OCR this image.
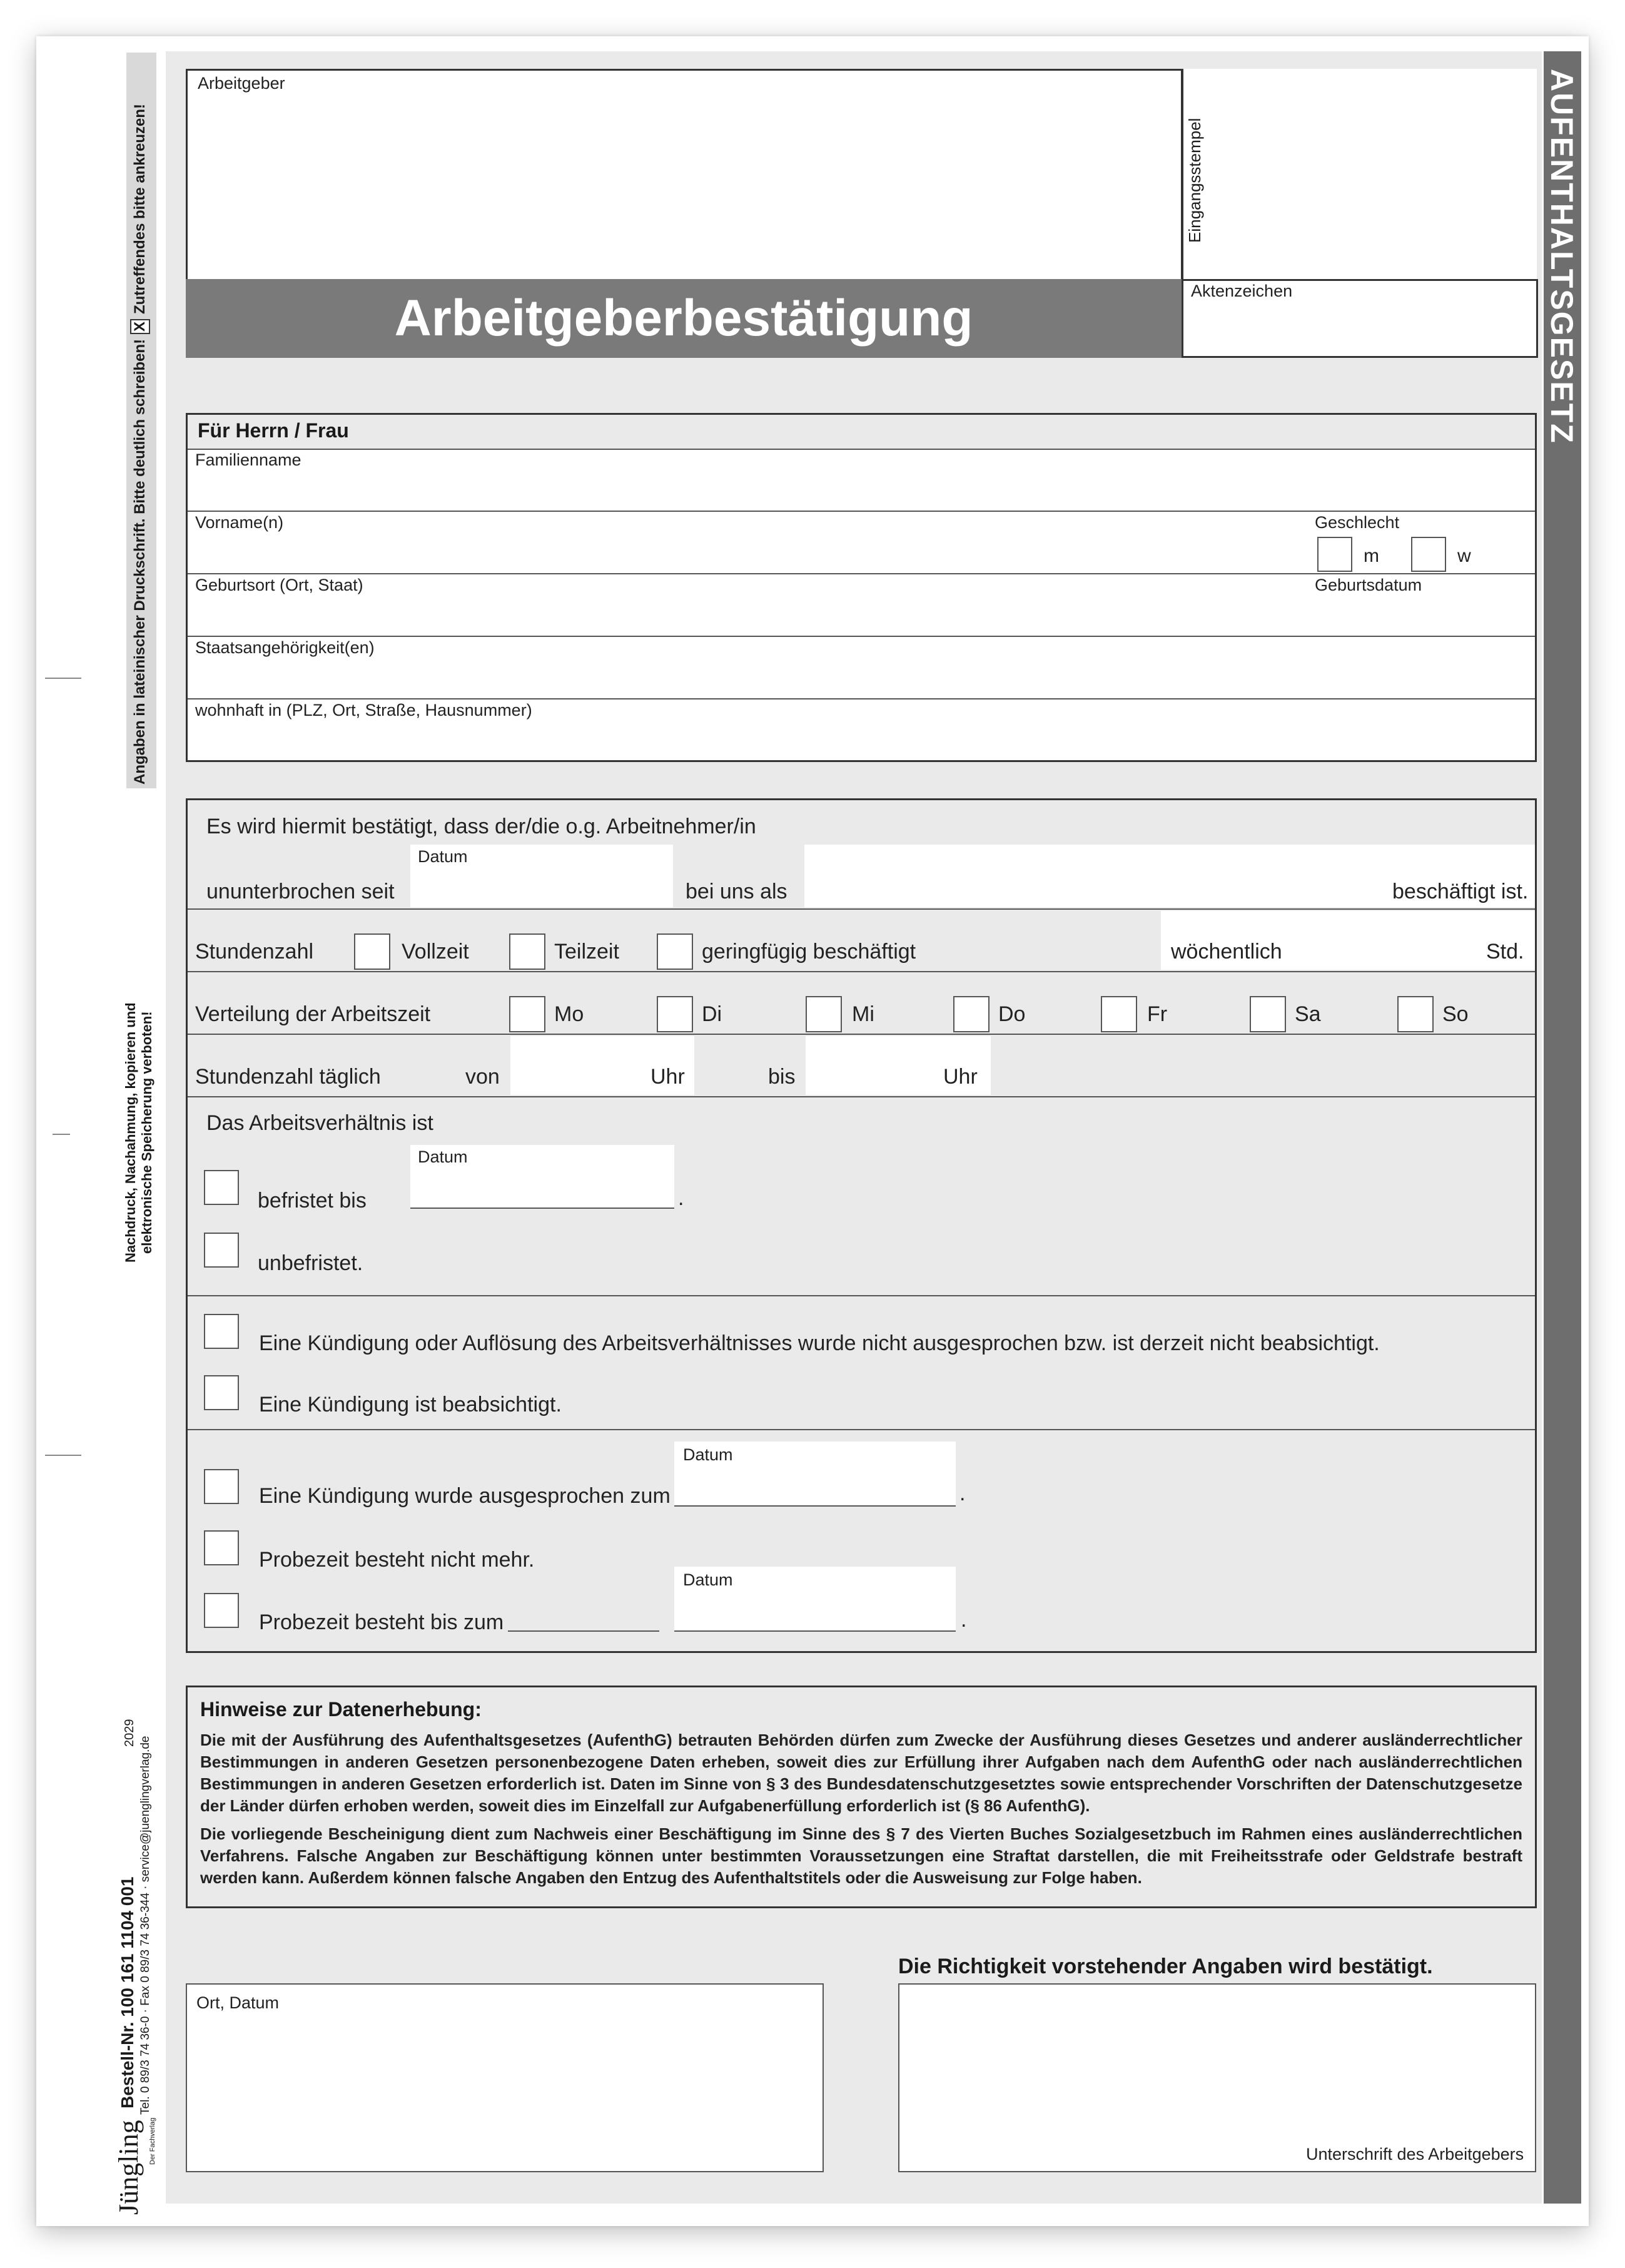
AUFENTHALTSGESETZ
Angaben in lateinischer Druckschrift. Bitte deutlich schreiben!
X
Zutreffendes bitte ankreuzen!
Nachdruck, Nachahmung, kopieren und elektronische Speicherung verboten!
Bestell-Nr. 100 161 1104 001 Tel. 0 89/3 74 36-0 · Fax 0 89/3 74 36-344 · service@juenglingverlag.de
2029
Jüngling Der Fachverlag
Arbeitgeber
Eingangsstempel
Arbeitgeberbestätigung	Aktenzeichen
Für Herrn / Frau
Familienname
Vorname(n)	Geschlecht
m	w
Geburtsort (Ort, Staat)	Geburtsdatum
Staatsangehörigkeit(en)
wohnhaft in (PLZ, Ort, Straße, Hausnummer)
Es wird hiermit bestätigt, dass der/die o.g. Arbeitnehmer/in
Datum
ununterbrochen seit	bei uns als	beschäftigt ist.
Stundenzahl	Vollzeit	Teilzeit	geringfügig beschäftigt	wöchentlich	Std.
Verteilung der Arbeitszeit	Mo	Di	Mi	Do	Fr	Sa	So
Stundenzahl täglich	von	Uhr	bis	Uhr
Das Arbeitsverhältnis ist
Datum
befristet bis	.
unbefristet.
Eine Kündigung oder Auflösung des Arbeitsverhältnisses wurde nicht ausgesprochen bzw. ist derzeit nicht beabsichtigt.
Eine Kündigung ist beabsichtigt.
Datum
Eine Kündigung wurde ausgesprochen zum	.
Probezeit besteht nicht mehr.
Datum
Probezeit besteht bis zum	.
Hinweise zur Datenerhebung:
Die mit der Ausführung des Aufenthaltsgesetzes (AufenthG) betrauten Behörden dürfen zum Zwecke der Ausführung dieses Gesetzes und anderer ausländerrechtlicher Bestimmungen in anderen Gesetzen personenbezogene Daten erheben, soweit dies zur Erfüllung ihrer Aufgaben nach dem AufenthG oder nach ausländerrechtlichen Bestimmungen in anderen Gesetzen erforderlich ist. Daten im Sinne von § 3 des Bundesdatenschutzgesetztes sowie entsprechender Vorschriften der Datenschutzgesetze der Länder dürfen erhoben werden, soweit dies im Einzelfall zur Aufgabenerfüllung erforderlich ist (§ 86 AufenthG).
Die vorliegende Bescheinigung dient zum Nachweis einer Beschäftigung im Sinne des § 7 des Vierten Buches Sozialgesetzbuch im Rahmen eines ausländerrechtlichen Verfahrens. Falsche Angaben zur Beschäftigung können unter bestimmten Voraussetzungen eine Straftat darstellen, die mit Freiheitsstrafe oder Geldstrafe bestraft werden kann. Außerdem können falsche Angaben den Entzug des Aufenthaltstitels oder die Ausweisung zur Folge haben.
Die Richtigkeit vorstehender Angaben wird bestätigt.
Ort, Datum
Unterschrift des Arbeitgebers
